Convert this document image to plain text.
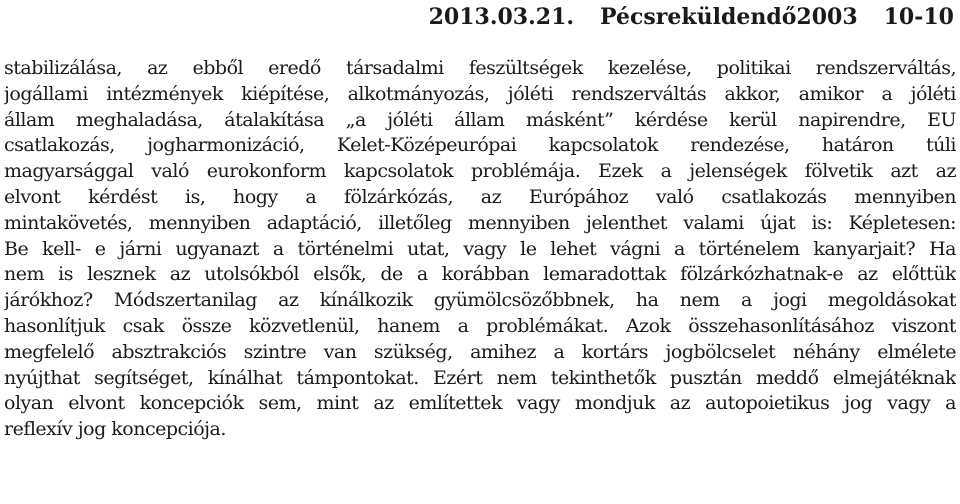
2013.03.21. Pécsreküldendő2003 10-10
stabilizálása, az ebből eredő társadalmi feszültségek kezelése, politikai rendszerváltás,
jogállami intézmények kiépítése, alkotmányozás, jóléti rendszerváltás akkor, amikor a jóléti
állam meghaladása, átalakítása „a jóléti állam másként” kérdése kerül napirendre, EU
csatlakozás, jogharmonizáció, Kelet-Középeurópai kapcsolatok rendezése, határon túli
magyarsággal való eurokonform kapcsolatok problémája. Ezek a jelenségek fölvetik azt az
elvont kérdést is, hogy a fölzárkózás, az Európához való csatlakozás mennyiben
mintakövetés, mennyiben adaptáció, illetőleg mennyiben jelenthet valami újat is: Képletesen:
Be kell- e járni ugyanazt a történelmi utat, vagy le lehet vágni a történelem kanyarjait? Ha
nem is lesznek az utolsókból elsők, de a korábban lemaradottak fölzárkózhatnak-e az előttük
járókhoz? Módszertanilag az kínálkozik gyümölcsözőbbnek, ha nem a jogi megoldásokat
hasonlítjuk csak össze közvetlenül, hanem a problémákat. Azok összehasonlításához viszont
megfelelő absztrakciós szintre van szükség, amihez a kortárs jogbölcselet néhány elmélete
nyújthat segítséget, kínálhat támpontokat. Ezért nem tekinthetők pusztán meddő elmejátéknak
olyan elvont koncepciók sem, mint az említettek vagy mondjuk az autopoietikus jog vagy a
reflexív jog koncepciója.
